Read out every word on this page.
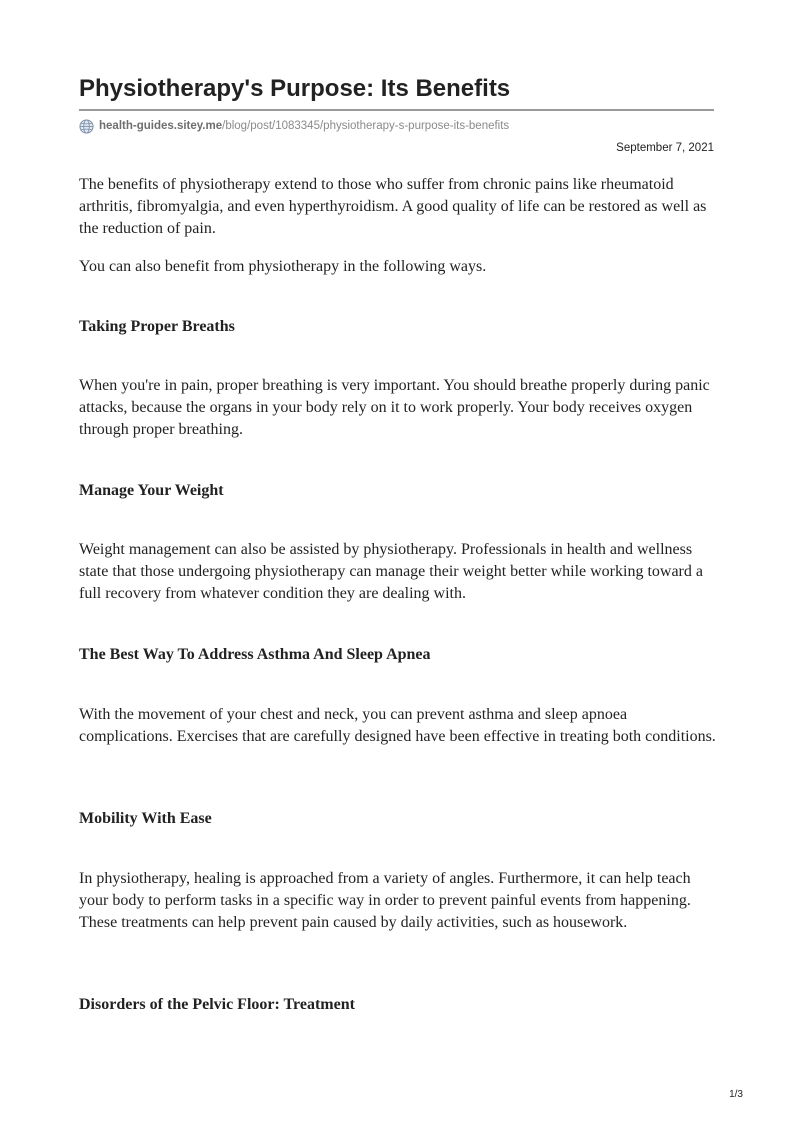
Physiotherapy's Purpose: Its Benefits
health-guides.sitey.me /blog/post/1083345/physiotherapy-s-purpose-its-benefits
September 7, 2021

The benefits of physiotherapy extend to those who suffer from chronic pains like rheumatoid arthritis, fibromyalgia, and even hyperthyroidism. A good quality of life can be restored as well as the reduction of pain.

You can also benefit from physiotherapy in the following ways.

Taking Proper Breaths

When you're in pain, proper breathing is very important. You should breathe properly during panic attacks, because the organs in your body rely on it to work properly. Your body receives oxygen through proper breathing.

Manage Your Weight

Weight management can also be assisted by physiotherapy. Professionals in health and wellness state that those undergoing physiotherapy can manage their weight better while working toward a full recovery from whatever condition they are dealing with.

The Best Way To Address Asthma And Sleep Apnea

With the movement of your chest and neck, you can prevent asthma and sleep apnoea complications. Exercises that are carefully designed have been effective in treating both conditions.

Mobility With Ease

In physiotherapy, healing is approached from a variety of angles. Furthermore, it can help teach your body to perform tasks in a specific way in order to prevent painful events from happening. These treatments can help prevent pain caused by daily activities, such as housework.

Disorders of the Pelvic Floor: Treatment
1/3
